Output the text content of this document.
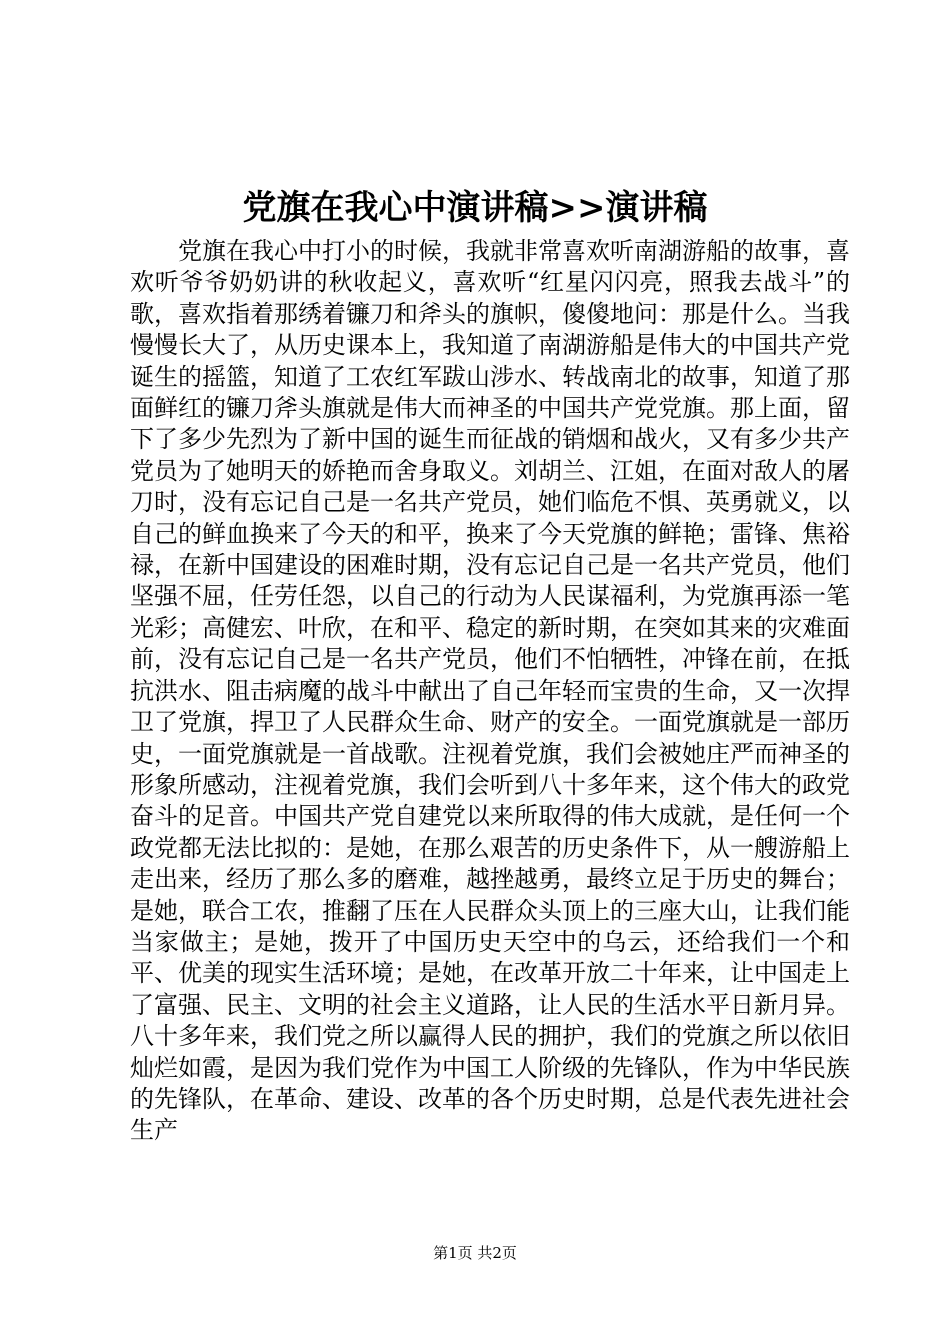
党旗在我心中演讲稿>>演讲稿

党旗在我心中打小的时候，我就非常喜欢听南湖游船的故事，喜欢听爷爷奶奶讲的秋收起义，喜欢听“红星闪闪亮，照我去战斗”的歌，喜欢指着那绣着镰刀和斧头的旗帜，傻傻地问：那是什么。当我慢慢长大了，从历史课本上，我知道了南湖游船是伟大的中国共产党诞生的摇篮，知道了工农红军跋山涉水、转战南北的故事，知道了那面鲜红的镰刀斧头旗就是伟大而神圣的中国共产党党旗。那上面，留下了多少先烈为了新中国的诞生而征战的销烟和战火，又有多少共产党员为了她明天的娇艳而舍身取义。刘胡兰、江姐，在面对敌人的屠刀时，没有忘记自己是一名共产党员，她们临危不惧、英勇就义，以自己的鲜血换来了今天的和平，换来了今天党旗的鲜艳；雷锋、焦裕禄，在新中国建设的困难时期，没有忘记自己是一名共产党员，他们坚强不屈，任劳任怨，以自己的行动为人民谋福利，为党旗再添一笔光彩；高健宏、叶欣，在和平、稳定的新时期，在突如其来的灾难面前，没有忘记自己是一名共产党员，他们不怕牺牲，冲锋在前，在抵抗洪水、阻击病魔的战斗中献出了自己年轻而宝贵的生命，又一次捍卫了党旗，捍卫了人民群众生命、财产的安全。一面党旗就是一部历史，一面党旗就是一首战歌。注视着党旗，我们会被她庄严而神圣的形象所感动，注视着党旗，我们会听到八十多年来，这个伟大的政党奋斗的足音。中国共产党自建党以来所取得的伟大成就，是任何一个政党都无法比拟的：是她，在那么艰苦的历史条件下，从一艘游船上走出来，经历了那么多的磨难，越挫越勇，最终立足于历史的舞台；是她，联合工农，推翻了压在人民群众头顶上的三座大山，让我们能当家做主；是她，拨开了中国历史天空中的乌云，还给我们一个和平、优美的现实生活环境；是她，在改革开放二十年来，让中国走上了富强、民主、文明的社会主义道路，让人民的生活水平日新月异。八十多年来，我们党之所以赢得人民的拥护，我们的党旗之所以依旧灿烂如霞，是因为我们党作为中国工人阶级的先锋队，作为中华民族的先锋队，在革命、建设、改革的各个历史时期，总是代表先进社会生产

第1页 共2页
